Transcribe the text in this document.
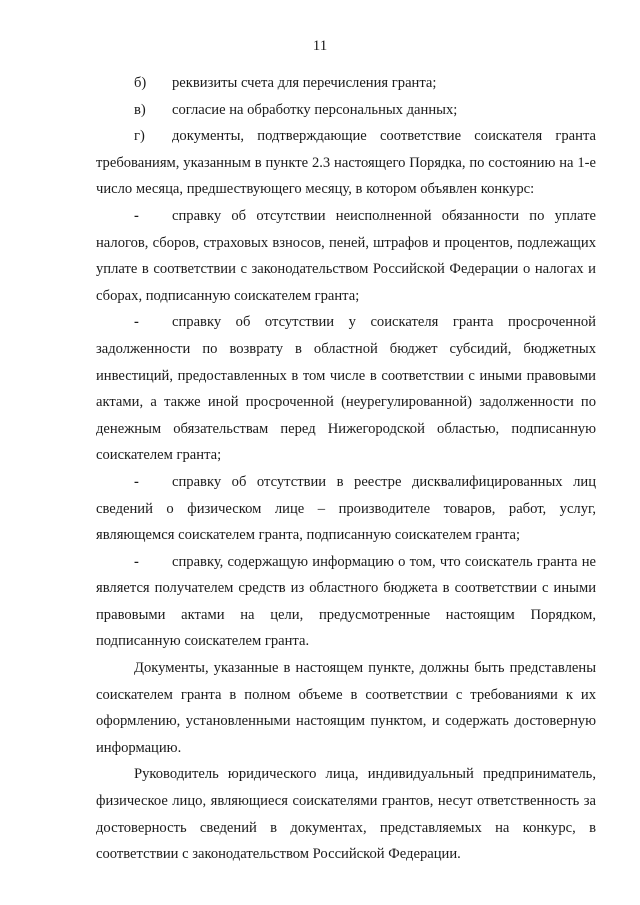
11

б) реквизиты счета для перечисления гранта;

в) согласие на обработку персональных данных;

г) документы, подтверждающие соответствие соискателя гранта требованиям, указанным в пункте 2.3 настоящего Порядка, по состоянию на 1-е число месяца, предшествующего месяцу, в котором объявлен конкурс:

- справку об отсутствии неисполненной обязанности по уплате налогов, сборов, страховых взносов, пеней, штрафов и процентов, подлежащих уплате в соответствии с законодательством Российской Федерации о налогах и сборах, подписанную соискателем гранта;

- справку об отсутствии у соискателя гранта просроченной задолженности по возврату в областной бюджет субсидий, бюджетных инвестиций, предоставленных в том числе в соответствии с иными правовыми актами, а также иной просроченной (неурегулированной) задолженности по денежным обязательствам перед Нижегородской областью, подписанную соискателем гранта;

- справку об отсутствии в реестре дисквалифицированных лиц сведений о физическом лице – производителе товаров, работ, услуг, являющемся соискателем гранта, подписанную соискателем гранта;

- справку, содержащую информацию о том, что соискатель гранта не является получателем средств из областного бюджета в соответствии с иными правовыми актами на цели, предусмотренные настоящим Порядком, подписанную соискателем гранта.

Документы, указанные в настоящем пункте, должны быть представлены соискателем гранта в полном объеме в соответствии с требованиями к их оформлению, установленными настоящим пунктом, и содержать достоверную информацию.

Руководитель юридического лица, индивидуальный предприниматель, физическое лицо, являющиеся соискателями грантов, несут ответственность за достоверность сведений в документах, представляемых на конкурс, в соответствии с законодательством Российской Федерации.
